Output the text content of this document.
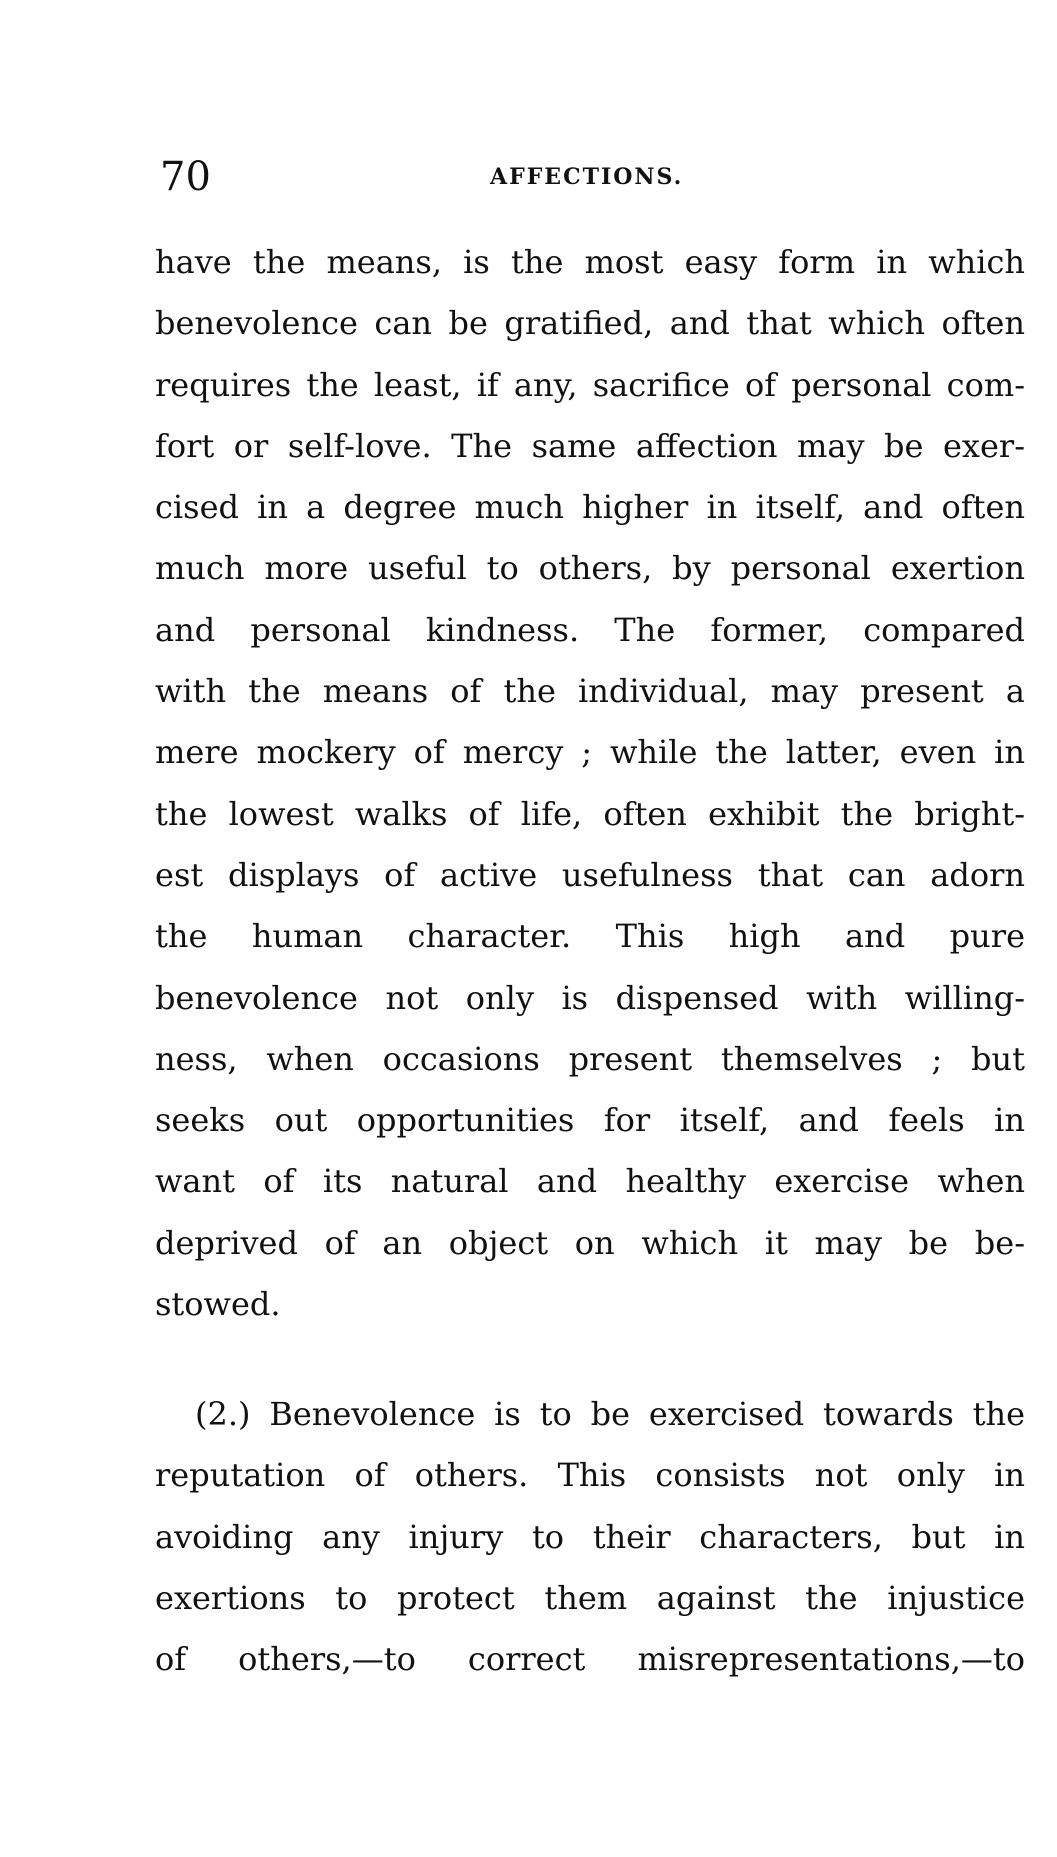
70	AFFECTIONS.
have the means, is the most easy form in which
benevolence can be gratified, and that which often
requires the least, if any, sacrifice of personal com-
fort or self-love. The same affection may be exer-
cised in a degree much higher in itself, and often
much more useful to others, by personal exertion
and personal kindness. The former, compared
with the means of the individual, may present a
mere mockery of mercy ; while the latter, even in
the lowest walks of life, often exhibit the bright-
est displays of active usefulness that can adorn
the human character. This high and pure
benevolence not only is dispensed with willing-
ness, when occasions present themselves ; but
seeks out opportunities for itself, and feels in
want of its natural and healthy exercise when
deprived of an object on which it may be be-
stowed.
(2.) Benevolence is to be exercised towards the
reputation of others. This consists not only in
avoiding any injury to their characters, but in
exertions to protect them against the injustice
of others,—to correct misrepresentations,—to
